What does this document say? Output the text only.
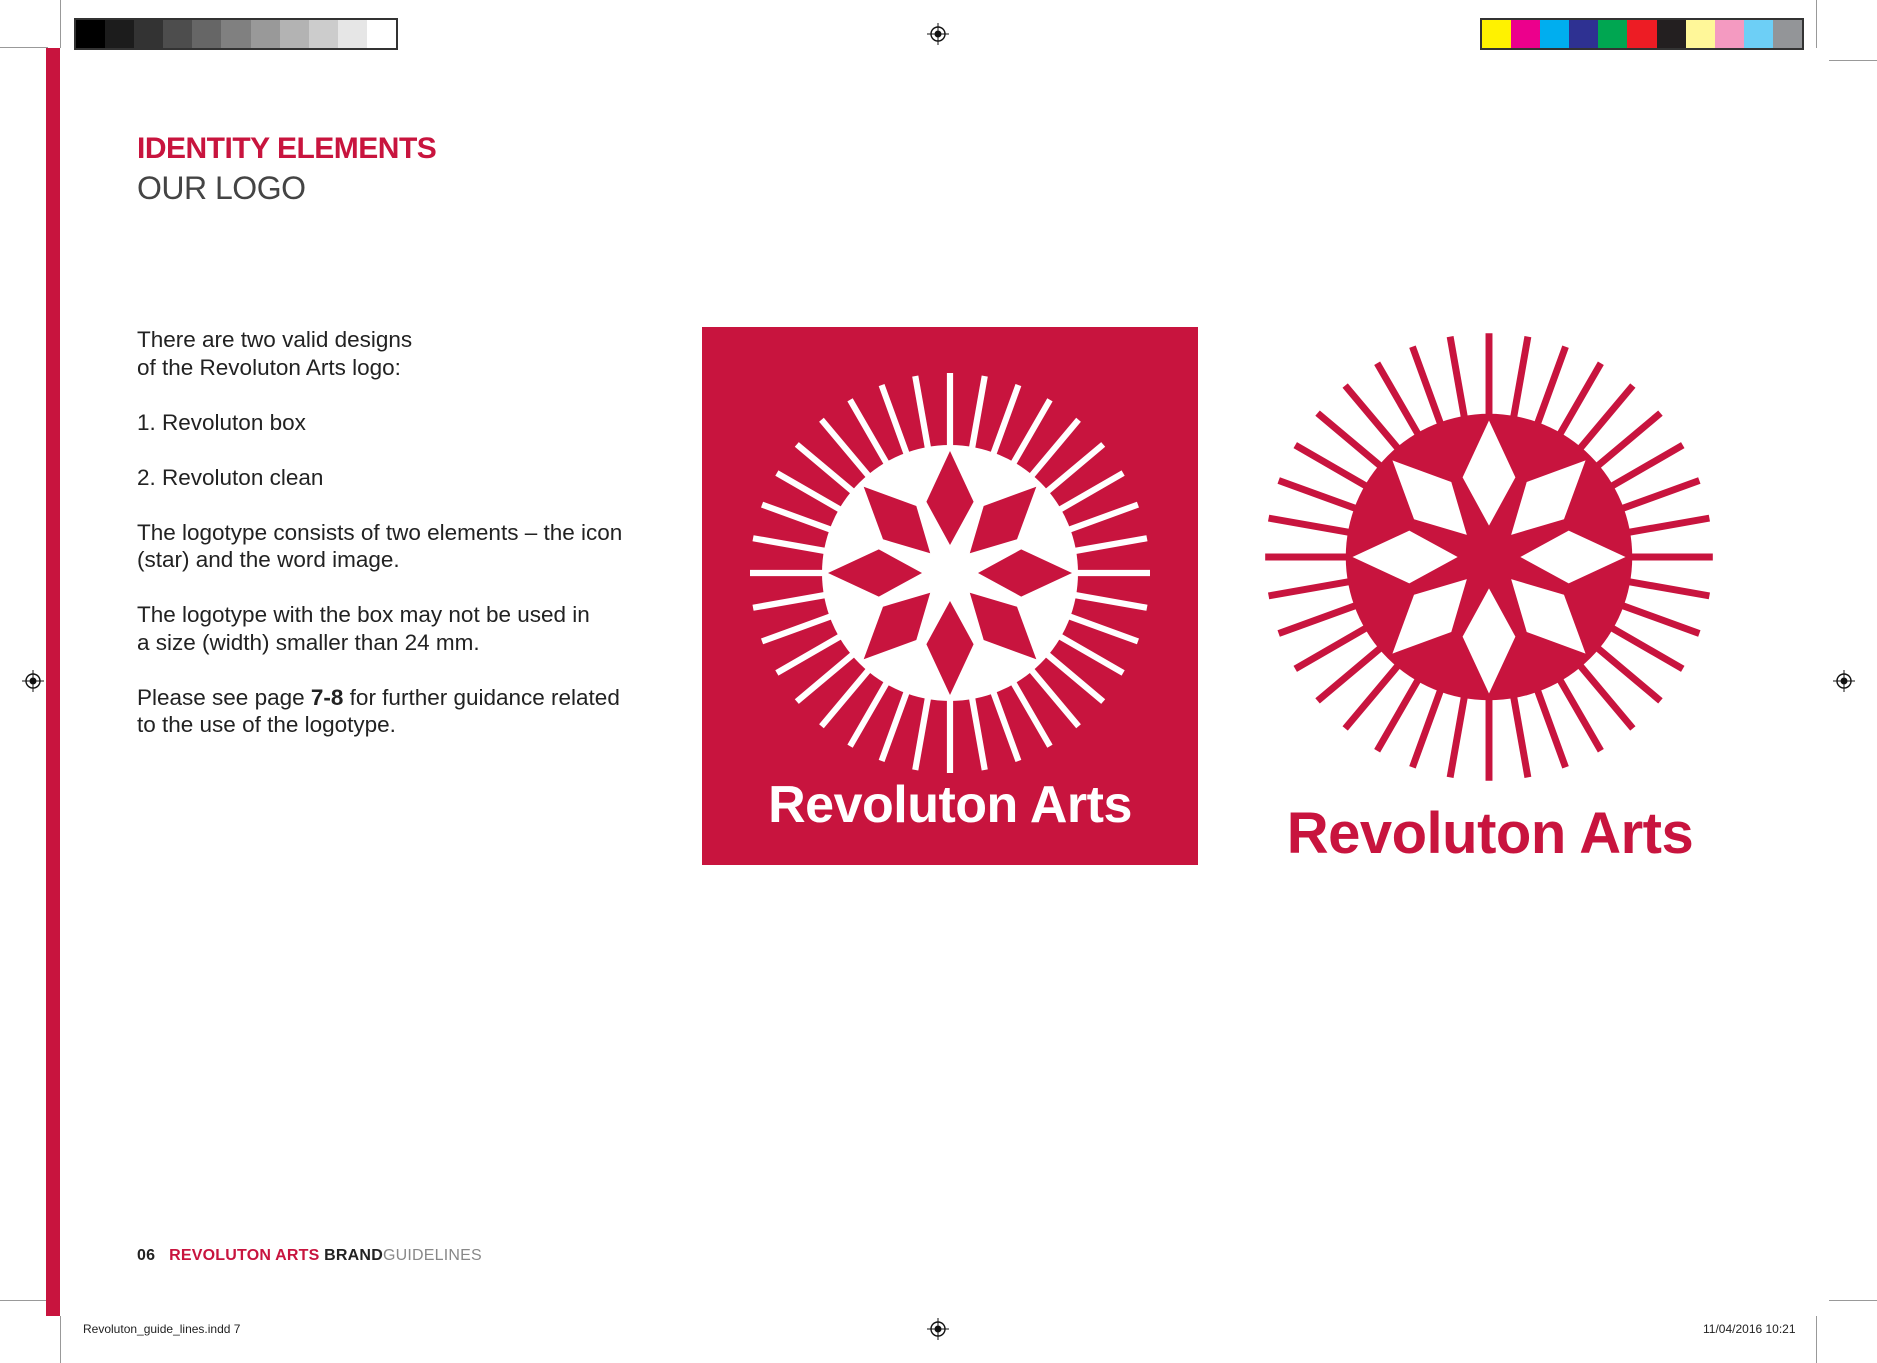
IDENTITY ELEMENTS
OUR LOGO

There are two valid designs
of the Revoluton Arts logo:

1. Revoluton box

2. Revoluton clean

The logotype consists of two elements – the icon
(star) and the word image.

The logotype with the box may not be used in
a size (width) smaller than 24 mm.

Please see page 7-8 for further guidance related
to the use of the logotype.

Revoluton Arts	Revoluton Arts
06 REVOLUTON ARTS BRANDGUIDELINES
Revoluton_guide_lines.indd 7	11/04/2016 10:21
